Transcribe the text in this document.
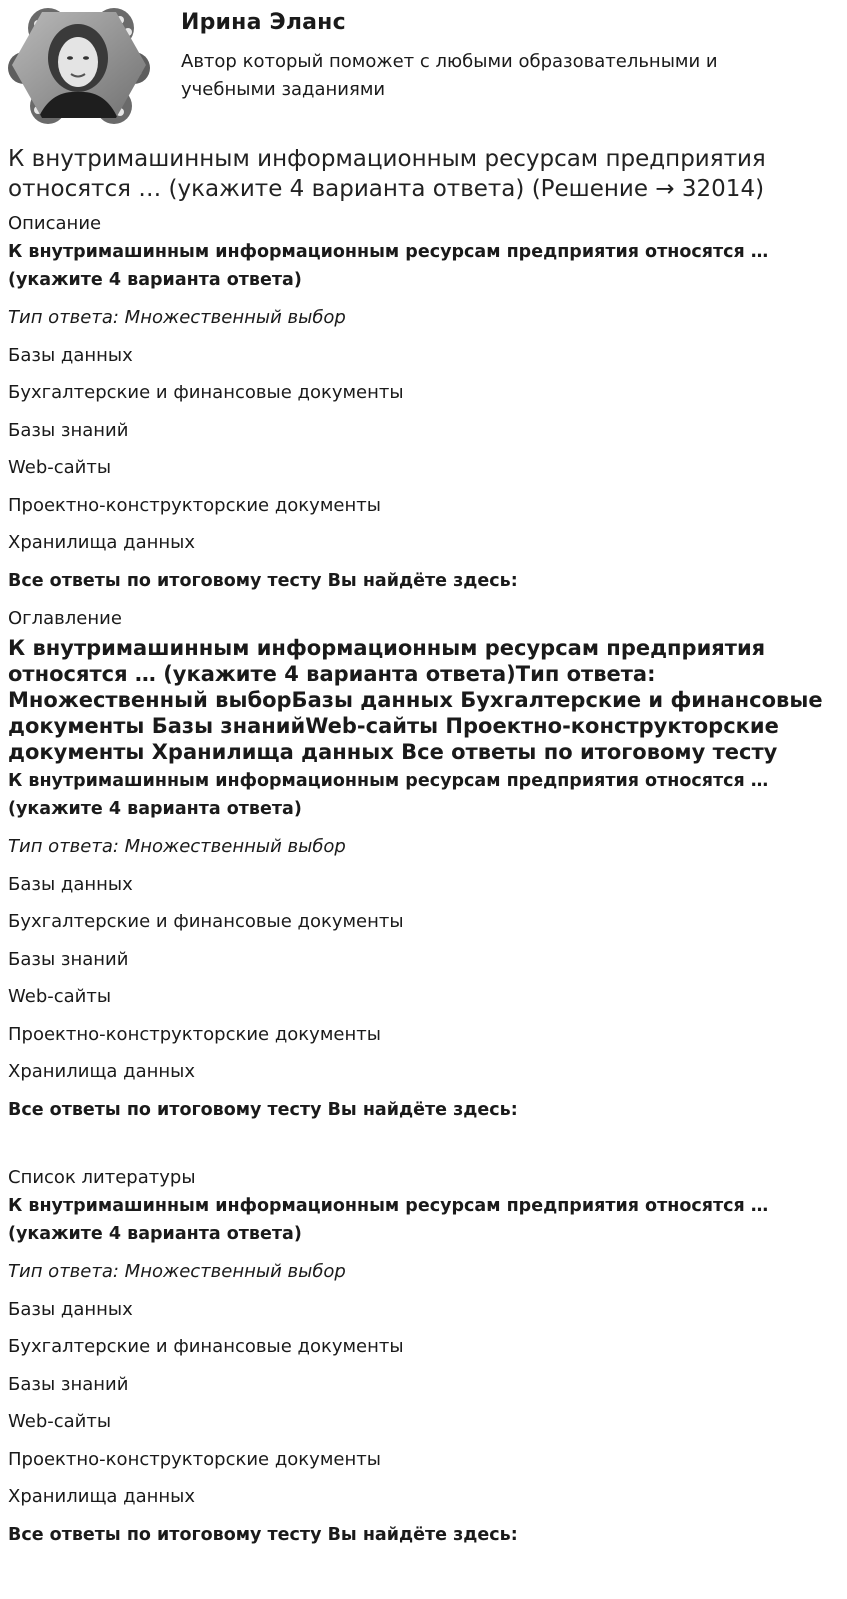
Ирина Эланс
Автор который поможет с любыми образовательными и учебными заданиями
К внутримашинным информационным ресурсам предприятия относятся … (укажите 4 варианта ответа) (Решение → 32014)
Описание
К внутримашинным информационным ресурсам предприятия относятся … (укажите 4 варианта ответа)
Тип ответа: Множественный выбор
Базы данных
Бухгалтерские и финансовые документы
Базы знаний
Web-сайты
Проектно-конструкторские документы
Хранилища данных
Все ответы по итоговому тесту Вы найдёте здесь:
Оглавление
К внутримашинным информационным ресурсам предприятия относятся … (укажите 4 варианта ответа)Тип ответа: Множественный выборБазы данных Бухгалтерские и финансовые документы Базы знанийWeb-сайты Проектно-конструкторские документы Хранилища данных Все ответы по итоговому тесту
К внутримашинным информационным ресурсам предприятия относятся … (укажите 4 варианта ответа)
Тип ответа: Множественный выбор
Базы данных
Бухгалтерские и финансовые документы
Базы знаний
Web-сайты
Проектно-конструкторские документы
Хранилища данных
Все ответы по итоговому тесту Вы найдёте здесь:
Список литературы
К внутримашинным информационным ресурсам предприятия относятся … (укажите 4 варианта ответа)
Тип ответа: Множественный выбор
Базы данных
Бухгалтерские и финансовые документы
Базы знаний
Web-сайты
Проектно-конструкторские документы
Хранилища данных
Все ответы по итоговому тесту Вы найдёте здесь:
